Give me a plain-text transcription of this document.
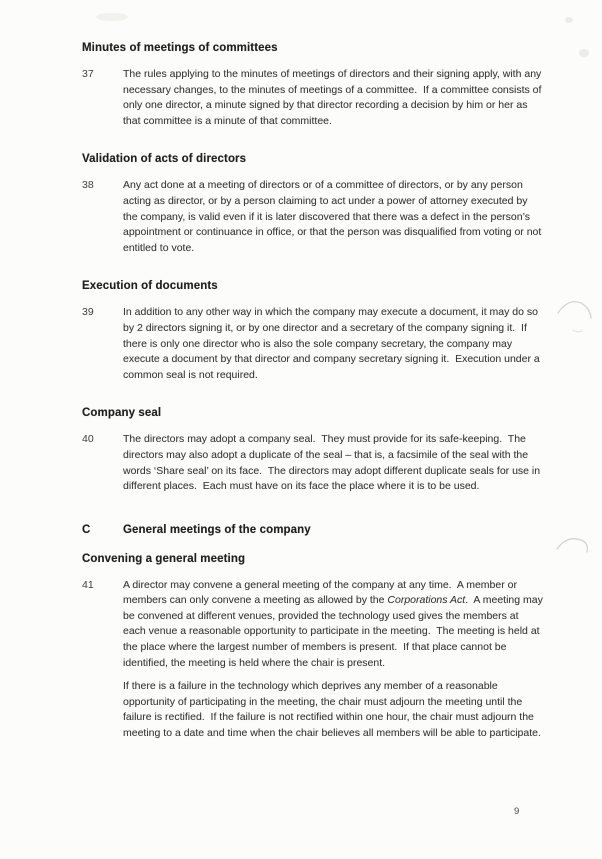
Minutes of meetings of committees
37	The rules applying to the minutes of meetings of directors and their signing apply, with any necessary changes, to the minutes of meetings of a committee.  If a committee consists of only one director, a minute signed by that director recording a decision by him or her as that committee is a minute of that committee.

Validation of acts of directors
38	Any act done at a meeting of directors or of a committee of directors, or by any person acting as director, or by a person claiming to act under a power of attorney executed by the company, is valid even if it is later discovered that there was a defect in the person’s appointment or continuance in office, or that the person was disqualified from voting or not entitled to vote.

Execution of documents
39	In addition to any other way in which the company may execute a document, it may do so by 2 directors signing it, or by one director and a secretary of the company signing it.  If there is only one director who is also the sole company secretary, the company may execute a document by that director and company secretary signing it.  Execution under a common seal is not required.

Company seal
40	The directors may adopt a company seal.  They must provide for its safe-keeping.  The directors may also adopt a duplicate of the seal – that is, a facsimile of the seal with the words ‘Share seal’ on its face.  The directors may adopt different duplicate seals for use in different places.  Each must have on its face the place where it is to be used.

C	General meetings of the company
Convening a general meeting
41	A director may convene a general meeting of the company at any time.  A member or members can only convene a meeting as allowed by the Corporations Act.  A meeting may be convened at different venues, provided the technology used gives the members at each venue a reasonable opportunity to participate in the meeting.  The meeting is held at the place where the largest number of members is present.  If that place cannot be identified, the meeting is held where the chair is present.

If there is a failure in the technology which deprives any member of a reasonable opportunity of participating in the meeting, the chair must adjourn the meeting until the failure is rectified.  If the failure is not rectified within one hour, the chair must adjourn the meeting to a date and time when the chair believes all members will be able to participate.

9
